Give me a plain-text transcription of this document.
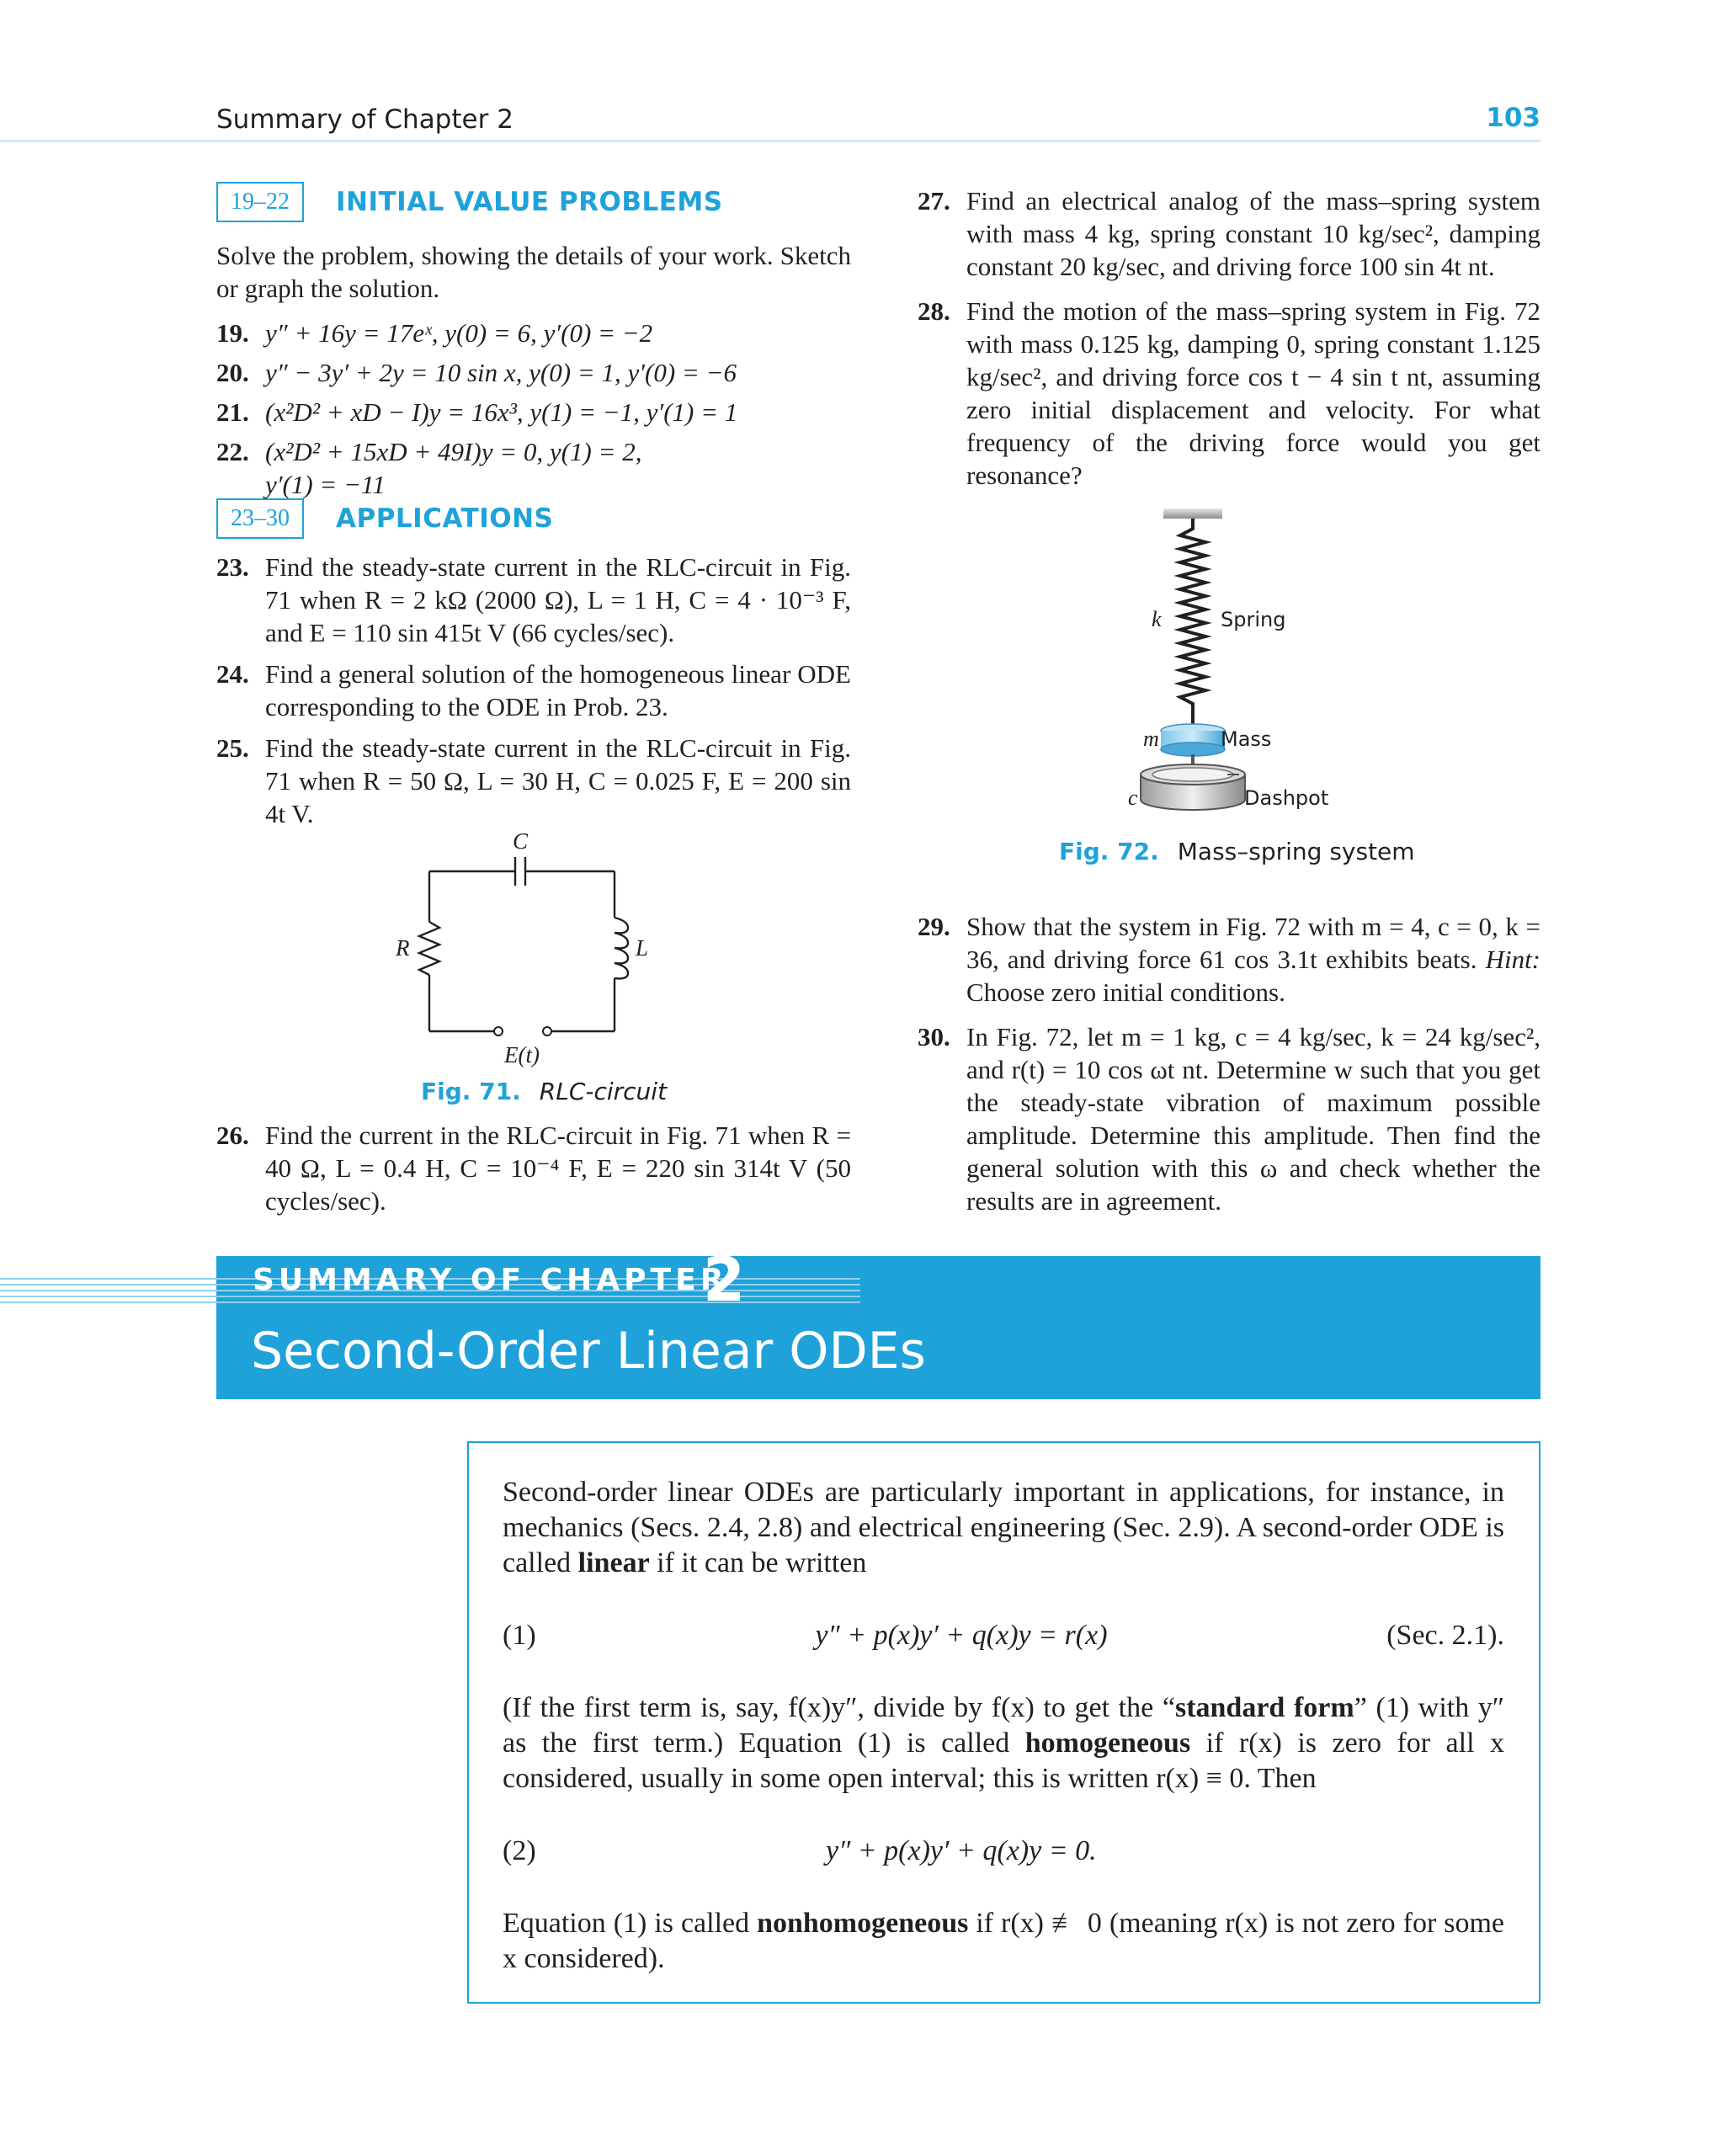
Summary of Chapter 2	103
19–22	INITIAL VALUE PROBLEMS

Solve the problem, showing the details of your work. Sketch or graph the solution.

19. y″ + 16y = 17eˣ, y(0) = 6, y′(0) = −2
20. y″ − 3y′ + 2y = 10 sin x, y(0) = 1, y′(0) = −6
21. (x²D² + xD − I)y = 16x³, y(1) = −1, y′(1) = 1
22. (x²D² + 15xD + 49I)y = 0, y(1) = 2,
y′(1) = −11
23–30	APPLICATIONS
23. Find the steady-state current in the RLC-circuit in Fig. 71 when R = 2 kΩ (2000 Ω), L = 1 H, C = 4 · 10⁻³ F, and E = 110 sin 415t V (66 cycles/sec).
24. Find a general solution of the homogeneous linear ODE corresponding to the ODE in Prob. 23.
25. Find the steady-state current in the RLC-circuit in Fig. 71 when R = 50 Ω, L = 30 H, C = 0.025 F, E = 200 sin 4t V.
C
R	L
E(t)
Fig. 71. RLC-circuit
26. Find the current in the RLC-circuit in Fig. 71 when R = 40 Ω, L = 0.4 H, C = 10⁻⁴ F, E = 220 sin 314t V (50 cycles/sec).
27. Find an electrical analog of the mass–spring system with mass 4 kg, spring constant 10 kg/sec², damping constant 20 kg/sec, and driving force 100 sin 4t nt.
28. Find the motion of the mass–spring system in Fig. 72 with mass 0.125 kg, damping 0, spring constant 1.125 kg/sec², and driving force cos t − 4 sin t nt, assuming zero initial displacement and velocity. For what frequency of the driving force would you get resonance?
k	Spring
m	Mass
c	Dashpot
Fig. 72. Mass–spring system
29. Show that the system in Fig. 72 with m = 4, c = 0, k = 36, and driving force 61 cos 3.1t exhibits beats. Hint: Choose zero initial conditions.
30. In Fig. 72, let m = 1 kg, c = 4 kg/sec, k = 24 kg/sec², and r(t) = 10 cos ωt nt. Determine w such that you get the steady-state vibration of maximum possible amplitude. Determine this amplitude. Then find the general solution with this ω and check whether the results are in agreement.
SUMMARY OF CHAPTER
2
Second-Order Linear ODEs

Second-order linear ODEs are particularly important in applications, for instance, in mechanics (Secs. 2.4, 2.8) and electrical engineering (Sec. 2.9). A second-order ODE is called linear if it can be written

(1)	y″ + p(x)y′ + q(x)y = r(x)	(Sec. 2.1).

(If the first term is, say, f(x)y″, divide by f(x) to get the “standard form” (1) with y″ as the first term.) Equation (1) is called homogeneous if r(x) is zero for all x considered, usually in some open interval; this is written r(x) ≡ 0. Then

(2)	y″ + p(x)y′ + q(x)y = 0.

Equation (1) is called nonhomogeneous if r(x) ≢ 0 (meaning r(x) is not zero for some x considered).
